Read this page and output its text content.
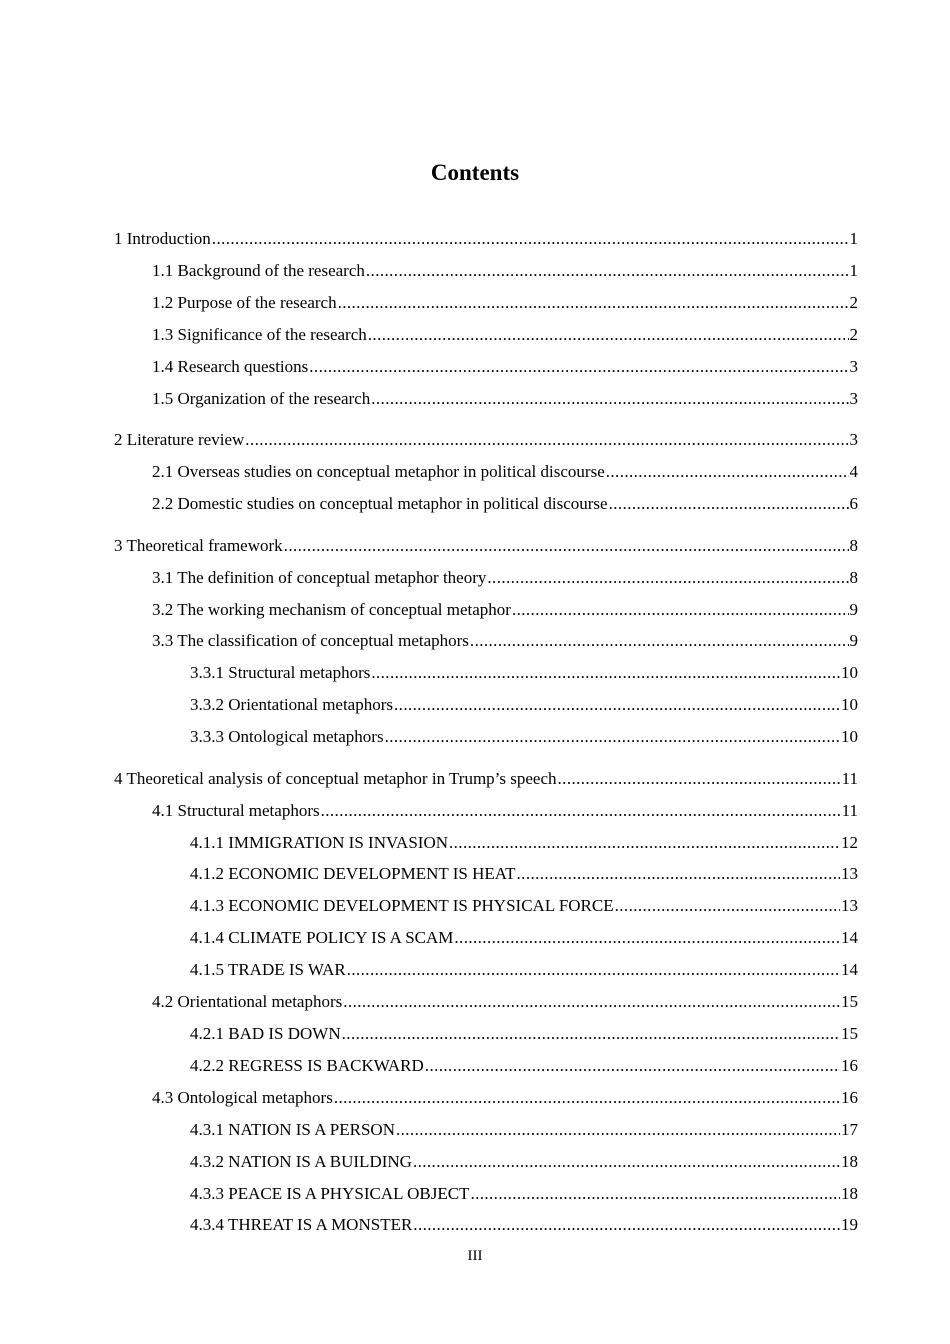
Contents
1 Introduction .....	1
1.1 Background of the research .....	1
1.2 Purpose of the research .....	2
1.3 Significance of the research .....	2
1.4 Research questions .....	3
1.5 Organization of the research .....	3
2 Literature review .....	3
2.1 Overseas studies on conceptual metaphor in political discourse .....	4
2.2 Domestic studies on conceptual metaphor in political discourse .....	6
3 Theoretical framework .....	8
3.1 The definition of conceptual metaphor theory .....	8
3.2 The working mechanism of conceptual metaphor .....	9
3.3 The classification of conceptual metaphors .....	9
3.3.1 Structural metaphors .....	10
3.3.2 Orientational metaphors .....	10
3.3.3 Ontological metaphors .....	10
4 Theoretical analysis of conceptual metaphor in Trump’s speech .....	11
4.1 Structural metaphors .....	11
4.1.1 IMMIGRATION IS INVASION .....	12
4.1.2 ECONOMIC DEVELOPMENT IS HEAT .....	13
4.1.3 ECONOMIC DEVELOPMENT IS PHYSICAL FORCE .....	13
4.1.4 CLIMATE POLICY IS A SCAM .....	14
4.1.5 TRADE IS WAR .....	14
4.2 Orientational metaphors .....	15
4.2.1 BAD IS DOWN .....	15
4.2.2 REGRESS IS BACKWARD .....	16
4.3 Ontological metaphors .....	16
4.3.1 NATION IS A PERSON .....	17
4.3.2 NATION IS A BUILDING .....	18
4.3.3 PEACE IS A PHYSICAL OBJECT .....	18
4.3.4 THREAT IS A MONSTER .....	19
III
